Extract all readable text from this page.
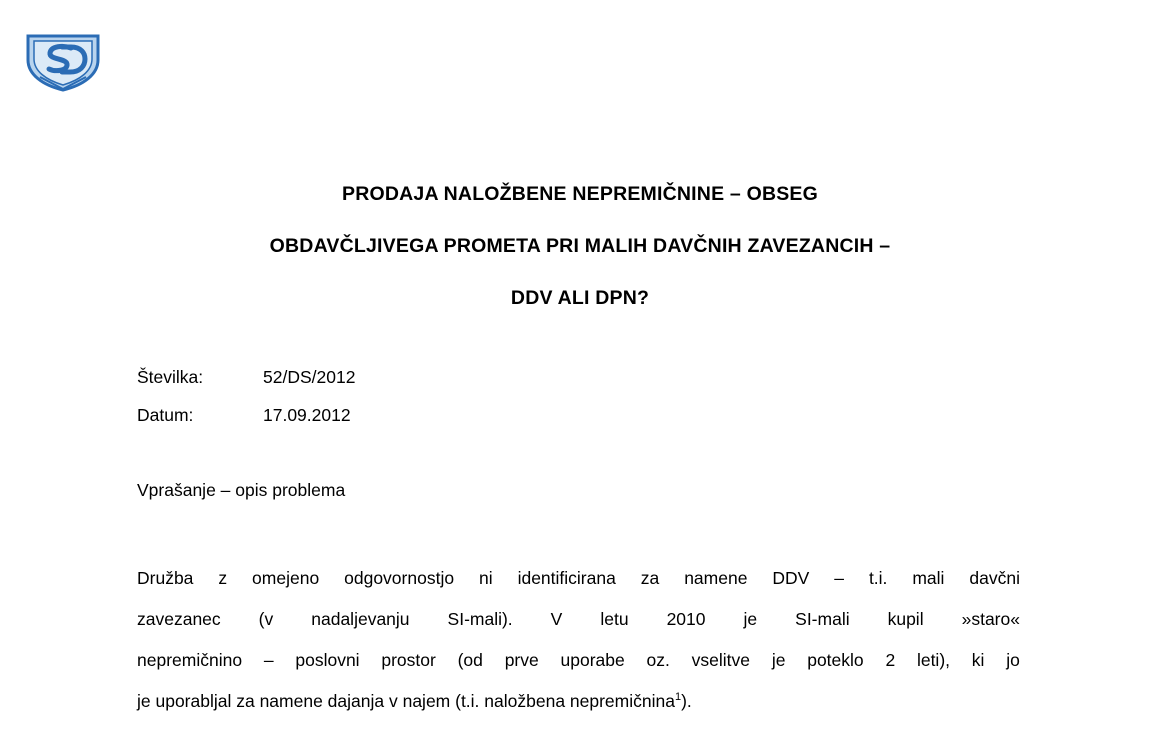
PRODAJA NALOŽBENE NEPREMIČNINE – OBSEG
OBDAVČLJIVEGA PROMETA PRI MALIH DAVČNIH ZAVEZANCIH –
DDV ALI DPN?
Številka:	52/DS/2012
Datum:	17.09.2012
Vprašanje – opis problema
Družba z omejeno odgovornostjo ni identificirana za namene DDV – t.i. mali davčni
zavezanec (v nadaljevanju SI-mali). V letu 2010 je SI-mali kupil »staro«
nepremičnino – poslovni prostor (od prve uporabe oz. vselitve je poteklo 2 leti), ki jo
je uporabljal za namene dajanja v najem (t.i. naložbena nepremičnina$^1$).
